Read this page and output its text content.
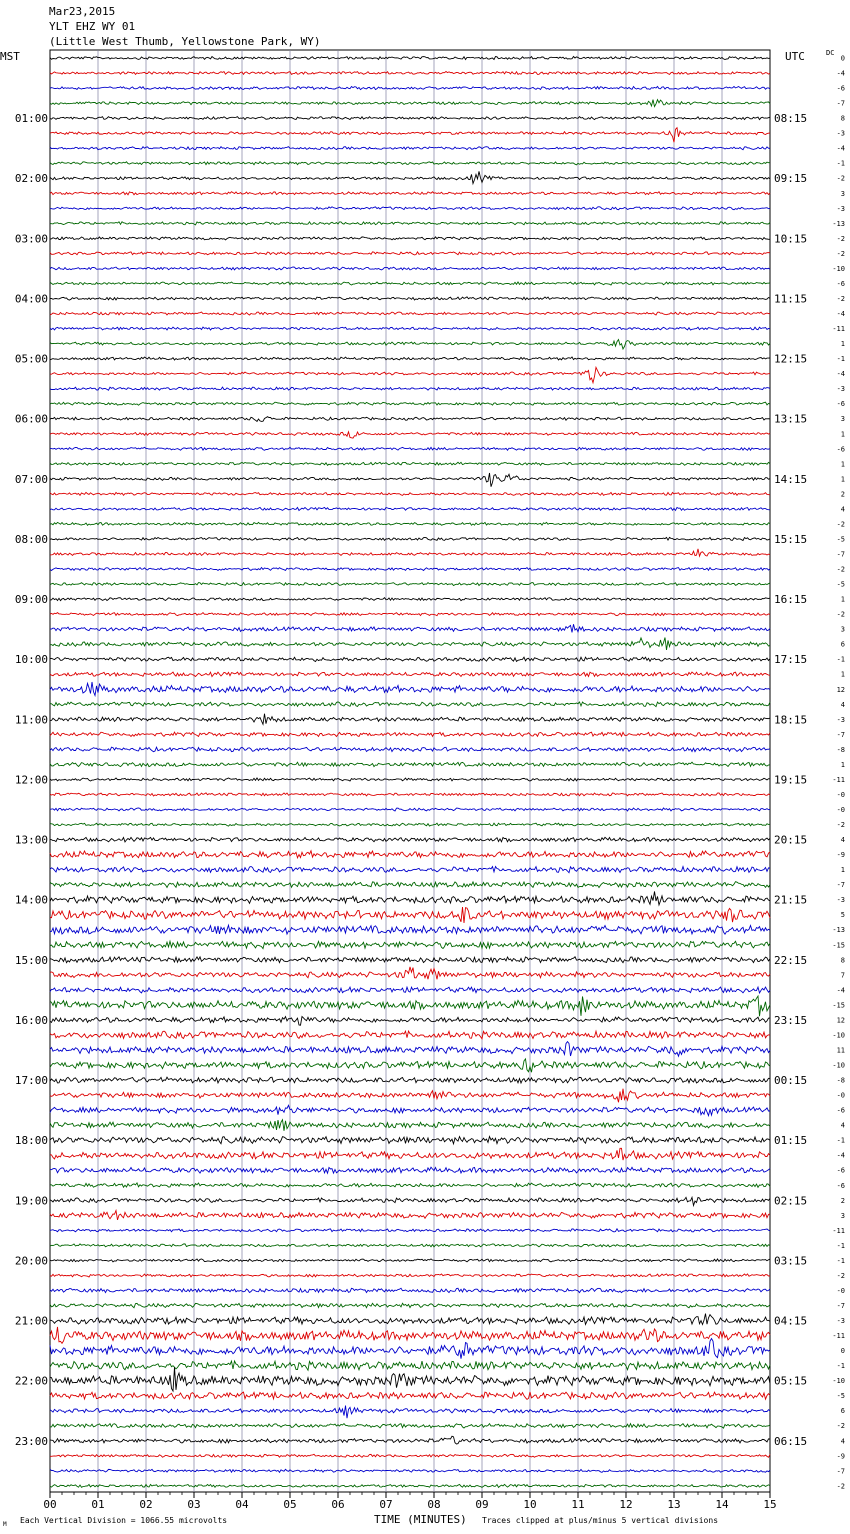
Mar23,2015
YLT EHZ WY 01
(Little West Thumb, Yellowstone Park, WY)
MST	UTC	DC
00	01	02	03	04	05	06	07	08	09	10	11	12	13	14	15
01:00	08:15
02:00	09:15
03:00	10:15
04:00	11:15
05:00	12:15
06:00	13:15
07:00	14:15
08:00	15:15
09:00	16:15
10:00	17:15
11:00	18:15
12:00	19:15
13:00	20:15
14:00	21:15
15:00	22:15
16:00	23:15
17:00	00:15
18:00	01:15
19:00	02:15
20:00	03:15
21:00	04:15
22:00	05:15
23:00	06:15
0
-4
-6
-7
8
-3
-4
-1
-2
3
-3
-13
-2
-2
-10
-6
-2
-4
-11
1
-1
-4
-3
-6
3
1
-6
1
1
2
4
-2
-5
-7
-2
-5
1
-2
3
6
-1
1
12
4
-3
-7
-8
1
-11
-0
-0
-2
4
-9
1
-7
-3
5
-13
-15
8
7
-4
-15
12
-10
11
-10
-8
-0
-6
4
-1
-4
-6
-6
2
3
-11
-1
-1
-2
-0
-7
-3
-11
0
-1
-10
-5
6
-2
4
-9
-7
-2
TIME (MINUTES)
Each Vertical Division = 1066.55 microvolts	Traces clipped at plus/minus 5 vertical divisions
M
